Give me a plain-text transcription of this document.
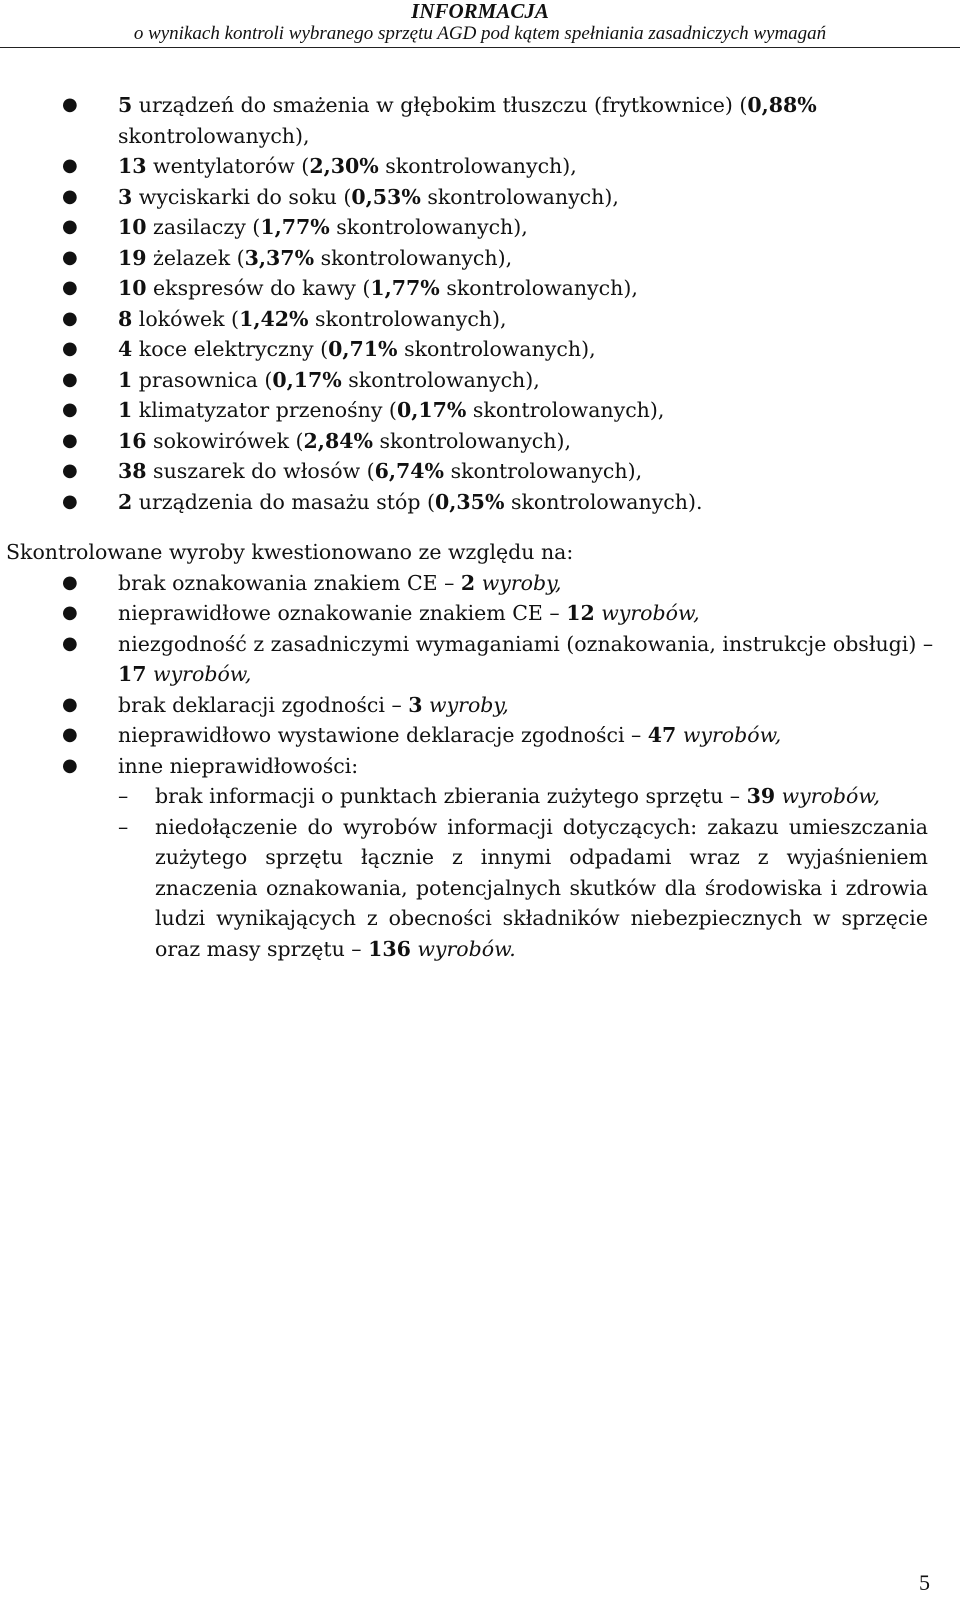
INFORMACJA
o wynikach kontroli wybranego sprzętu AGD pod kątem spełniania zasadniczych wymagań
● 5 urządzeń do smażenia w głębokim tłuszczu (frytkownice) (0,88% skontrolowanych),
● 13 wentylatorów (2,30% skontrolowanych),
● 3 wyciskarki do soku (0,53% skontrolowanych),
● 10 zasilaczy (1,77% skontrolowanych),
● 19 żelazek (3,37% skontrolowanych),
● 10 ekspresów do kawy (1,77% skontrolowanych),
● 8 lokówek (1,42% skontrolowanych),
● 4 koce elektryczny (0,71% skontrolowanych),
● 1 prasownica (0,17% skontrolowanych),
● 1 klimatyzator przenośny (0,17% skontrolowanych),
● 16 sokowirówek (2,84% skontrolowanych),
● 38 suszarek do włosów (6,74% skontrolowanych),
● 2 urządzenia do masażu stóp (0,35% skontrolowanych).
Skontrolowane wyroby kwestionowano ze względu na:
● brak oznakowania znakiem CE – 2 wyroby,
● nieprawidłowe oznakowanie znakiem CE – 12 wyrobów,
● niezgodność z zasadniczymi wymaganiami (oznakowania, instrukcje obsługi) – 17 wyrobów,
● brak deklaracji zgodności – 3 wyroby,
● nieprawidłowo wystawione deklaracje zgodności – 47 wyrobów,
● inne nieprawidłowości:
– brak informacji o punktach zbierania zużytego sprzętu – 39 wyrobów,
– niedołączenie do wyrobów informacji dotyczących: zakazu umieszczania zużytego sprzętu łącznie z innymi odpadami wraz z wyjaśnieniem znaczenia oznakowania, potencjalnych skutków dla środowiska i zdrowia ludzi wynikających z obecności składników niebezpiecznych w sprzęcie oraz masy sprzętu – 136 wyrobów.
5
